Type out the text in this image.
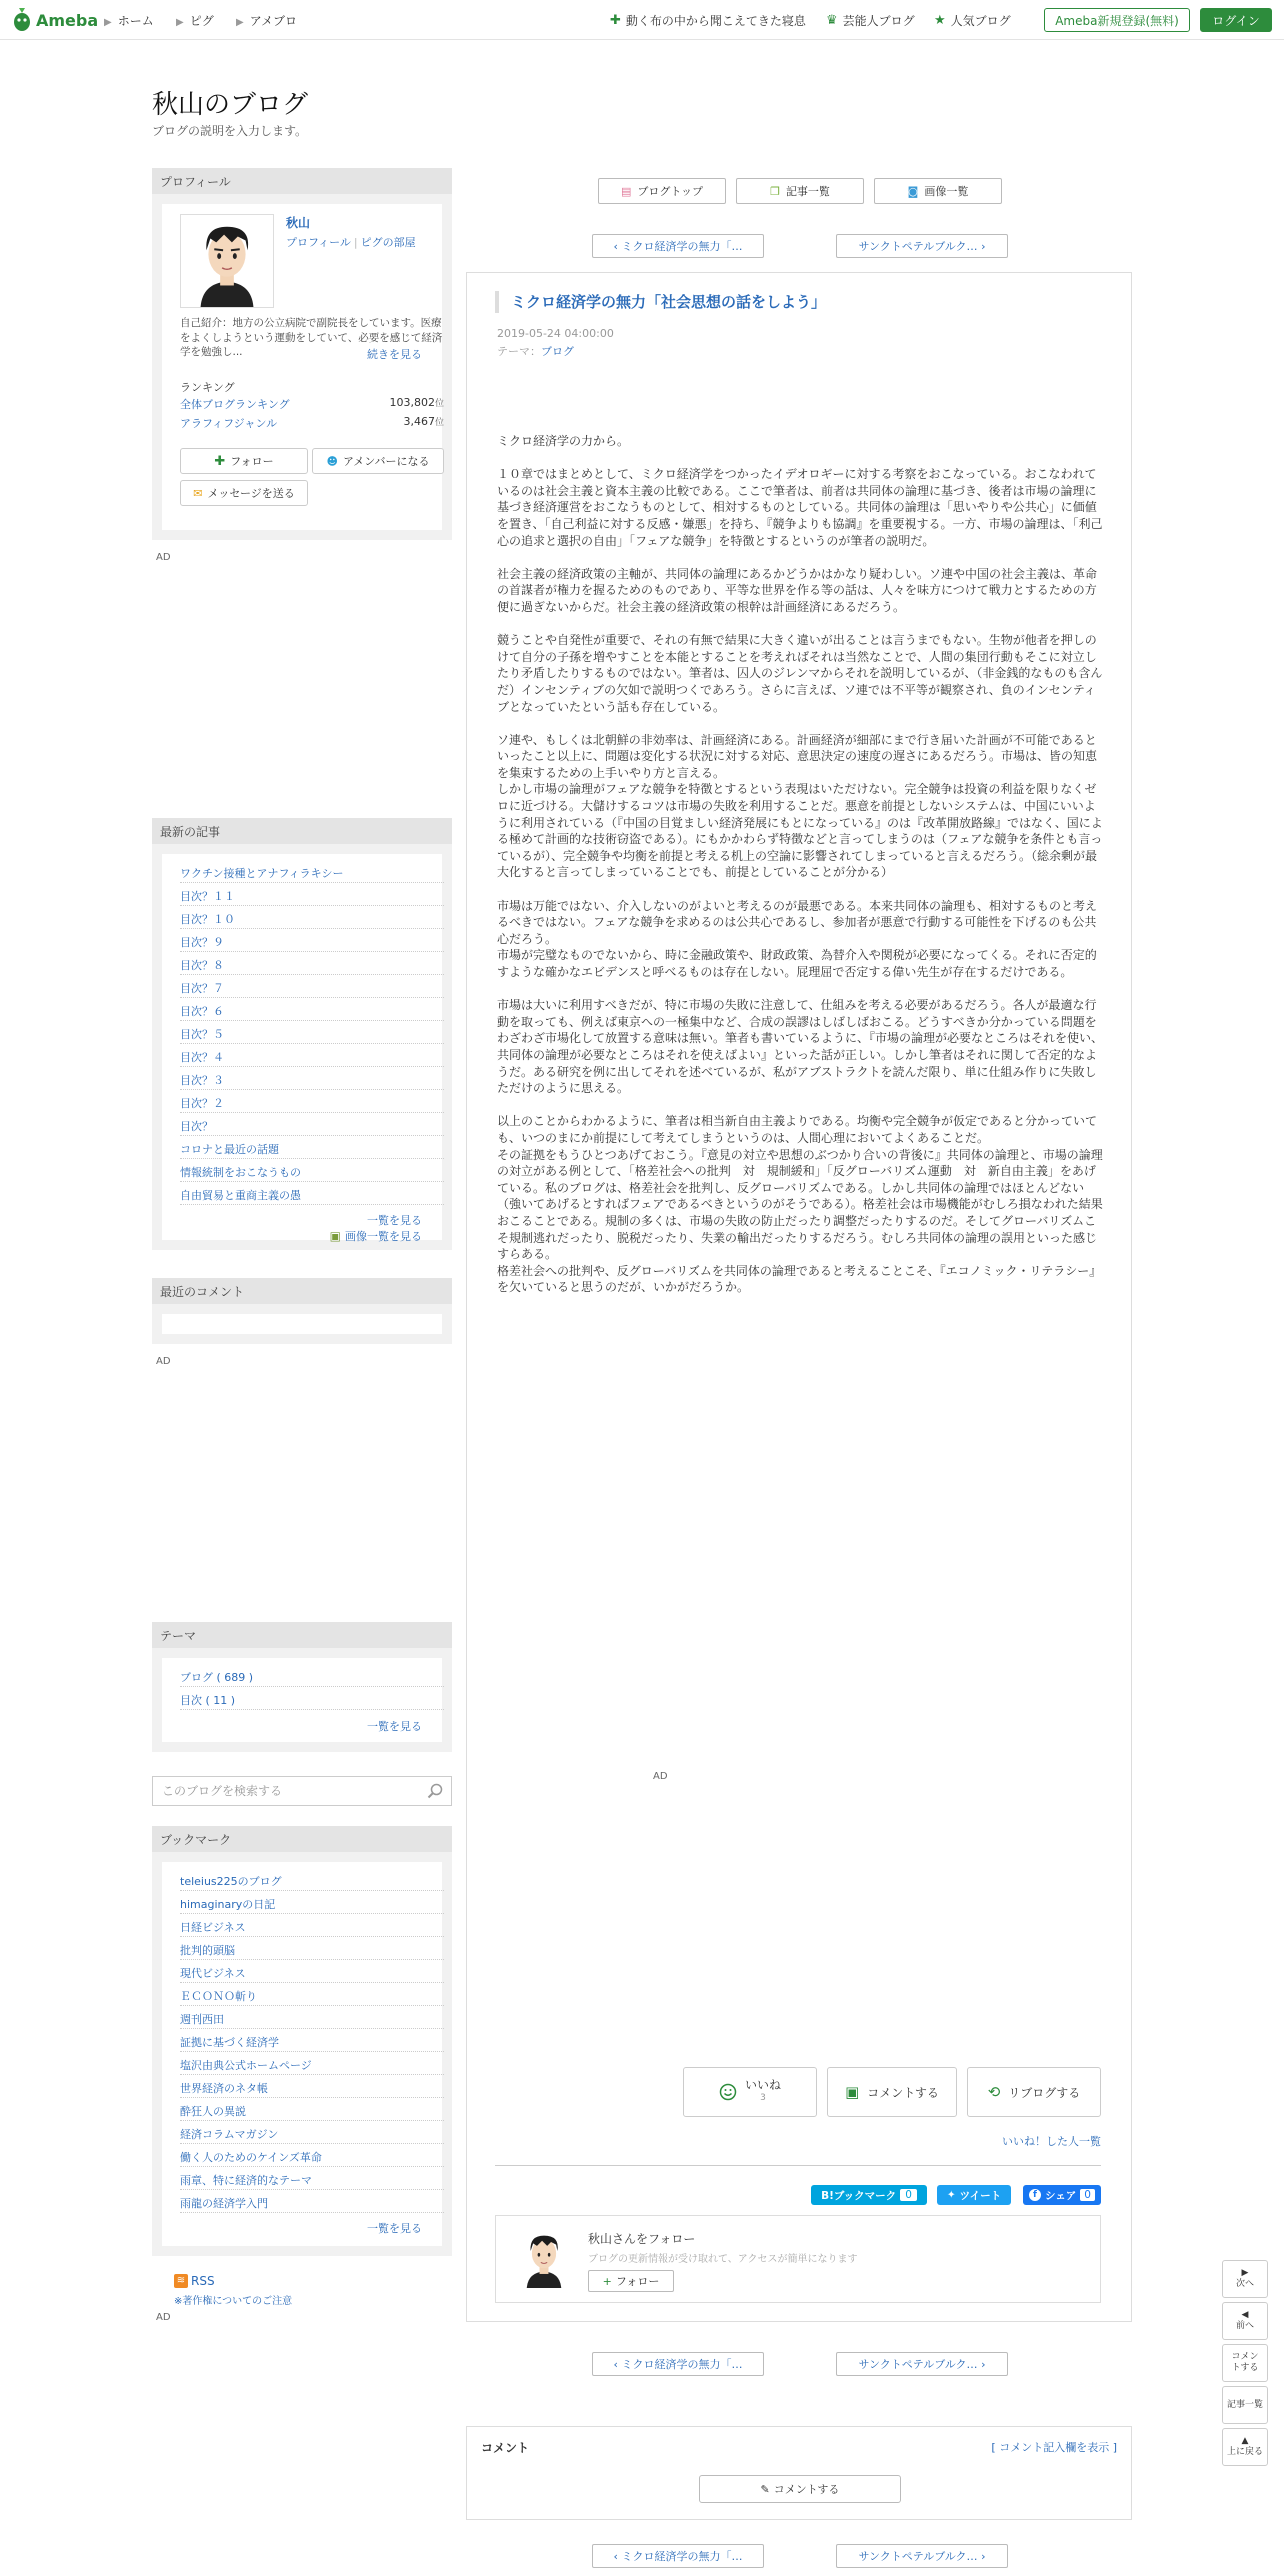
Ameba ▶ ホーム ▶ ピグ ▶ アメブロ	✚ 動く布の中から聞こえてきた寝息 ♛ 芸能人ブログ ★ 人気ブログ	Ameba新規登録(無料)	ログイン
秋山のブログ
ブログの説明を入力します。
プロフィール
秋山
プロフィール | ピグの部屋
自己紹介：地方の公立病院で副院長をしています。医療をよくしようという運動をしていて、必要を感じて経済学を勉強し...	続きを見る
ランキング
全体ブログランキング	103,802位
アラフィフジャンル	3,467位
✚ フォロー	☻ アメンバーになる
✉ メッセージを送る
AD
最新の記事
ワクチン接種とアナフィラキシー
目次？１１
目次？１０
目次？９
目次？８
目次？７
目次？６
目次？５
目次？４
目次？３
目次？２
目次？
コロナと最近の話題
情報統制をおこなうもの
自由貿易と重商主義の愚
一覧を見る
▣ 画像一覧を見る
最近のコメント
AD
テーマ
ブログ ( 689 )
目次 ( 11 )
一覧を見る
このブログを検索する
ブックマーク
teleius225のブログ
himaginaryの日記
日経ビジネス
批判的頭脳
現代ビジネス
ＥＣＯＮＯ斬り
週刊西田
証拠に基づく経済学
塩沢由典公式ホームページ
世界経済のネタ帳
酔狂人の異説
経済コラムマガジン
働く人のためのケインズ革命
雨章、特に経済的なテーマ
雨龍の経済学入門
一覧を見る
≋ RSS
※著作権についてのご注意
AD
▤ ブログトップ	❐ 記事一覧	◙ 画像一覧
‹
ミクロ経済学の無力「…	サンクトペテルブルク…
›
ミクロ経済学の無力「社会思想の話をしよう」
2019-05-24 04:00:00
テーマ：ブログ

ミクロ経済学の力から。

１０章ではまとめとして、ミクロ経済学をつかったイデオロギーに対する考察をおこなっている。おこなわれているのは社会主義と資本主義の比較である。ここで筆者は、前者は共同体の論理に基づき、後者は市場の論理に基づき経済運営をおこなうものとして、相対するものとしている。共同体の論理は「思いやりや公共心」に価値を置き、「自己利益に対する反感・嫌悪」を持ち、『競争よりも協調』を重要視する。一方、市場の論理は、「利己心の追求と選択の自由」「フェアな競争」を特徴とするというのが筆者の説明だ。

社会主義の経済政策の主軸が、共同体の論理にあるかどうかはかなり疑わしい。ソ連や中国の社会主義は、革命の首謀者が権力を握るためのものであり、平等な世界を作る等の話は、人々を味方につけて戦力とするための方便に過ぎないからだ。社会主義の経済政策の根幹は計画経済にあるだろう。

競うことや自発性が重要で、それの有無で結果に大きく違いが出ることは言うまでもない。生物が他者を押しのけて自分の子孫を増やすことを本能とすることを考えればそれは当然なことで、人間の集団行動もそこに対立したり矛盾したりするものではない。筆者は、囚人のジレンマからそれを説明しているが、（非金銭的なものも含んだ）インセンティブの欠如で説明つくであろう。さらに言えば、ソ連では不平等が観察され、負のインセンティブとなっていたという話も存在している。

ソ連や、もしくは北朝鮮の非効率は、計画経済にある。計画経済が細部にまで行き届いた計画が不可能であるといったこと以上に、問題は変化する状況に対する対応、意思決定の速度の遅さにあるだろう。市場は、皆の知恵を集束するための上手いやり方と言える。
しかし市場の論理がフェアな競争を特徴とするという表現はいただけない。完全競争は投資の利益を限りなくゼロに近づける。大儲けするコツは市場の失敗を利用することだ。悪意を前提としないシステムは、中国にいいように利用されている（『中国の目覚ましい経済発展にもとになっている』のは『改革開放路線』ではなく、国による極めて計画的な技術窃盗である）。にもかかわらず特徴などと言ってしまうのは（フェアな競争を条件とも言っているが）、完全競争や均衡を前提と考える机上の空論に影響されてしまっていると言えるだろう。（総余剰が最大化すると言ってしまっていることでも、前提としていることが分かる）

市場は万能ではない、介入しないのがよいと考えるのが最悪である。本来共同体の論理も、相対するものと考えるべきではない。フェアな競争を求めるのは公共心であるし、参加者が悪意で行動する可能性を下げるのも公共心だろう。
市場が完璧なものでないから、時に金融政策や、財政政策、為替介入や関税が必要になってくる。それに否定的すような確かなエビデンスと呼べるものは存在しない。屁理屈で否定する偉い先生が存在するだけである。

市場は大いに利用すべきだが、特に市場の失敗に注意して、仕組みを考える必要があるだろう。各人が最適な行動を取っても、例えば東京への一極集中など、合成の誤謬はしばしばおこる。どうすべきか分かっている問題をわざわざ市場化して放置する意味は無い。筆者も書いているように、『市場の論理が必要なところはそれを使い、共同体の論理が必要なところはそれを使えばよい』といった話が正しい。しかし筆者はそれに関して否定的なようだ。ある研究を例に出してそれを述べているが、私がアブストラクトを読んだ限り、単に仕組み作りに失敗しただけのように思える。

以上のことからわかるように、筆者は相当新自由主義よりである。均衡や完全競争が仮定であると分かっていても、いつのまにか前提にして考えてしまうというのは、人間心理においてよくあることだ。
その証拠をもうひとつあげておこう。『意見の対立や思想のぶつかり合いの背後に』共同体の論理と、市場の論理の対立がある例として、「格差社会への批判　対　規制緩和」「反グローバリズム運動　対　新自由主義」をあげている。私のブログは、格差社会を批判し、反グローバリズムである。しかし共同体の論理ではほとんどない（強いてあげるとすればフェアであるべきというのがそうである）。格差社会は市場機能がむしろ損なわれた結果おこることである。規制の多くは、市場の失敗の防止だったり調整だったりするのだ。そしてグローバリズムこそ規制逃れだったり、脱税だったり、失業の輸出だったりするだろう。むしろ共同体の論理の誤用といった感じすらある。
格差社会への批判や、反グローバリズムを共同体の論理であると考えることこそ、『エコノミック・リテラシー』を欠いていると思うのだが、いかがだろうか。

AD
いいね
3	▣ コメントする	⟲ リブログする
いいね！した人一覧
B!ブックマーク 0	✦ ツイート	f シェア 0
秋山さんをフォロー
ブログの更新情報が受け取れて、アクセスが簡単になります
+ フォロー
‹
ミクロ経済学の無力「…	サンクトペテルブルク…
›
コメント	[ コメント記入欄を表示 ]
✎ コメントする
‹
ミクロ経済学の無力「…	サンクトペテルブルク…
›
▶
次へ
◀
前へ
コメントする
記事一覧
▲
上に戻る
